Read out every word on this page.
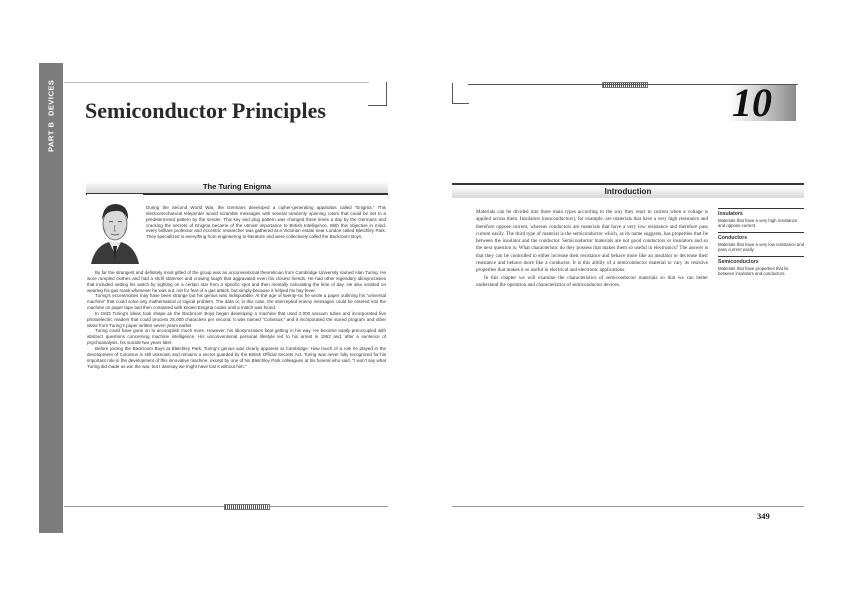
PART B
DEVICES Semiconductor Principles
The Turing Enigma

During the Second World War, the Germans developed a cipher-generating apparatus called “Enigma.” This electromechanical teleprinter would scramble messages with several randomly spinning rotors that could be set to a predetermined pattern by the sender. This key and plug pattern was changed three times a day by the Germans and cracking the secrets of Enigma became of the utmost importance to British Intelligence. With this objective in mind, every brilliant professor and eccentric researcher was gathered at a Victorian estate near London called Bletchley Park. They specialized in everything from engineering to literature and were collectively called the Backroom Boys.

By far the strangest and definitely most gifted of the group was an unconventional theoretician from Cambridge University named Alan Turing. He wore rumpled clothes and had a shrill stammer and crowing laugh that aggravated even his closest friends. He had other legendary idiosyncrasies that included setting his watch by sighting on a certain star from a specific spot and then mentally calculating the time of day. He also insisted on wearing his gas mask whenever he was out, not for fear of a gas attack, but simply because it helped his hay fever.

Turing’s eccentricities may have been strange but his genius was indisputable. At the age of twenty-six he wrote a paper outlining his “universal machine” that could solve any mathematical or logical problem. The data or, in this case, the intercepted enemy messages could be entered into the machine on paper tape and then compared with known Enigma codes until a match was found.

In 1943 Turing’s ideas took shape as the Backroom Boys began developing a machine that used 2,000 vacuum tubes and incorporated five photoelectric readers that could process 25,000 characters per second. It was named “Colossus,” and it incorporated the stored program and other ideas from Turing’s paper written seven years earlier.

Turing could have gone on to accomplish much more. However, his idiosyncrasies kept getting in his way. He became totally preoccupied with abstract questions concerning machine intelligence. His unconventional personal lifestyle led to his arrest in 1952 and, after a sentence of psychoanalysis, his suicide two years later.

Before joining the Backroom Boys at Bletchley Park, Turing’s genius was clearly apparent at Cambridge. How much of a role he played in the development of Colossus is still unknown and remains a secret guarded by the British Official Secrets Act. Turing was never fully recognized for his important role in the development of this innovative machine, except by one of his Bletchley Park colleagues at his funeral who said, “I won’t say what Turing did made us win the war, but I daresay we might have lost it without him.”

10
Introduction

Materials can be divided into three main types according to the way they react to current when a voltage is applied across them. Insulators (nonconductors), for example, are materials that have a very high resistance and therefore oppose current, whereas conductors are materials that have a very low resistance and therefore pass current easily. The third type of material is the semiconductor which, as its name suggests, has properties that lie between the insulator and the conductor. Semiconductor materials are not good conductors or insulators and so the next question is: What characteristic do they possess that makes them so useful in electronics? The answer is that they can be controlled to either increase their resistance and behave more like an insulator or decrease their resistance and behave more like a conductor. It is this ability of a semiconductor material to vary its resistive properties that makes it so useful in electrical and electronic applications.

In this chapter we will examine the characteristics of semiconductor materials so that we can better understand the operation and characteristics of semiconductor devices.

Insulators
Materials that have a very high resistance and oppose current.
Conductors
Materials that have a very low resistance and pass current easily.
Semiconductors
Materials that have properties that lie between insulators and conductors.
349
